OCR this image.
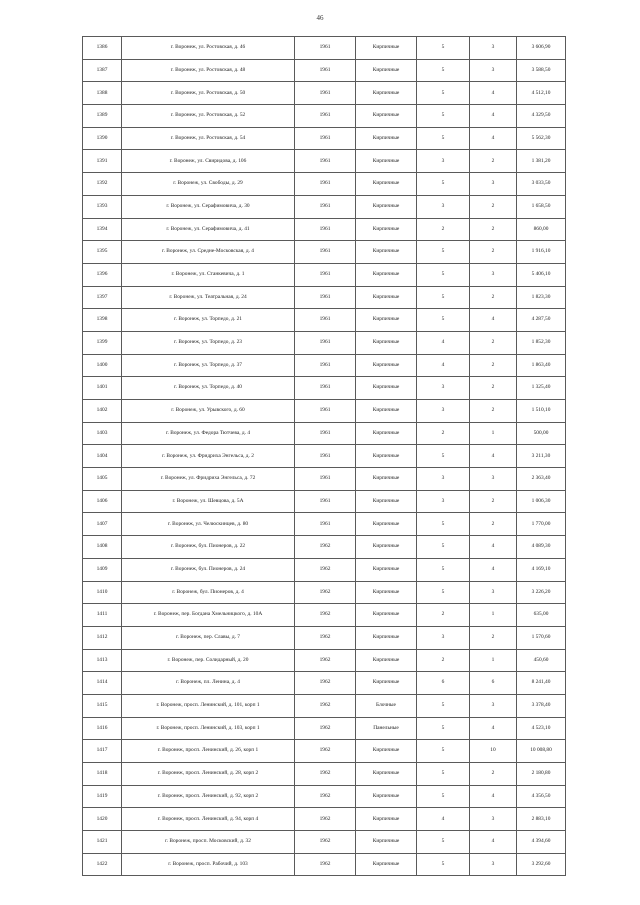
46
1386	г. Воронеж, ул. Ростовская, д. 46	1961	Кирпичные	5	3	3 606,90
1387	г. Воронеж, ул. Ростовская, д. 48	1961	Кирпичные	5	3	3 588,50
1388	г. Воронеж, ул. Ростовская, д. 50	1961	Кирпичные	5	4	4 512,10
1389	г. Воронеж, ул. Ростовская, д. 52	1961	Кирпичные	5	4	4 329,50
1390	г. Воронеж, ул. Ростовская, д. 54	1961	Кирпичные	5	4	5 562,30
1391	г. Воронеж, ул. Свиридова, д. 106	1961	Кирпичные	3	2	1 381,20
1392	г. Воронеж, ул. Свободы, д. 29	1961	Кирпичные	5	3	3 033,50
1393	г. Воронеж, ул. Серафимовича, д. 30	1961	Кирпичные	3	2	1 658,50
1394	г. Воронеж, ул. Серафимовича, д. 41	1961	Кирпичные	2	2	860,00
1395	г. Воронеж, ул. Средне-Московская, д. 4	1961	Кирпичные	5	2	1 916,10
1396	г. Воронеж, ул. Станкевича, д. 1	1961	Кирпичные	5	3	5 406,10
1397	г. Воронеж, ул. Театральная, д. 24	1961	Кирпичные	5	2	1 823,30
1398	г. Воронеж, ул. Торпедо, д. 21	1961	Кирпичные	5	4	4 287,50
1399	г. Воронеж, ул. Торпедо, д. 23	1961	Кирпичные	4	2	1 852,30
1400	г. Воронеж, ул. Торпедо, д. 37	1961	Кирпичные	4	2	1 863,40
1401	г. Воронеж, ул. Торпедо, д. 40	1961	Кирпичные	3	2	1 325,40
1402	г. Воронеж, ул. Урывского, д. 60	1961	Кирпичные	3	2	1 510,10
1403	г. Воронеж, ул. Федора Тютчева, д. 4	1961	Кирпичные	2	1	500,00
1404	г. Воронеж, ул. Фридриха Энгельса, д. 2	1961	Кирпичные	5	4	3 211,30
1405	г. Воронеж, ул. Фридриха Энгельса, д. 72	1961	Кирпичные	3	3	2 363,40
1406	г. Воронеж, ул. Шевцова, д. 5А	1961	Кирпичные	3	2	1 006,30
1407	г. Воронеж, ул. Челюскинцев, д. 80	1961	Кирпичные	5	2	1 770,00
1408	г. Воронеж, бул. Пионеров, д. 22	1962	Кирпичные	5	4	4 089,30
1409	г. Воронеж, бул. Пионеров, д. 24	1962	Кирпичные	5	4	4 169,10
1410	г. Воронеж, бул. Пионеров, д. 4	1962	Кирпичные	5	3	3 226,20
1411	г. Воронеж, пер. Богдана Хмельницкого, д. 10А	1962	Кирпичные	2	1	635,00
1412	г. Воронеж, пер. Славы, д. 7	1962	Кирпичные	3	2	1 570,60
1413	г. Воронеж, пер. Солидарный, д. 20	1962	Кирпичные	2	1	450,60
1414	г. Воронеж, пл. Ленина, д. 4	1962	Кирпичные	6	6	8 241,40
1415	г. Воронеж, просп. Ленинский, д. 101, корп 1	1962	Блочные	5	3	3 378,40
1416	г. Воронеж, просп. Ленинский, д. 103, корп 1	1962	Панельные	5	4	4 523,10
1417	г. Воронеж, просп. Ленинский, д. 26, корп 1	1962	Кирпичные	5	10	10 008,80
1418	г. Воронеж, просп. Ленинский, д. 28, корп 2	1962	Кирпичные	5	2	2 180,80
1419	г. Воронеж, просп. Ленинский, д. 92, корп 2	1962	Кирпичные	5	4	4 356,50
1420	г. Воронеж, просп. Ленинский, д. 94, корп 4	1962	Кирпичные	4	3	2 883,10
1421	г. Воронеж, просп. Московский, д. 32	1962	Кирпичные	5	4	4 394,60
1422	г. Воронеж, просп. Рабочий, д. 103	1962	Кирпичные	5	3	3 292,60
